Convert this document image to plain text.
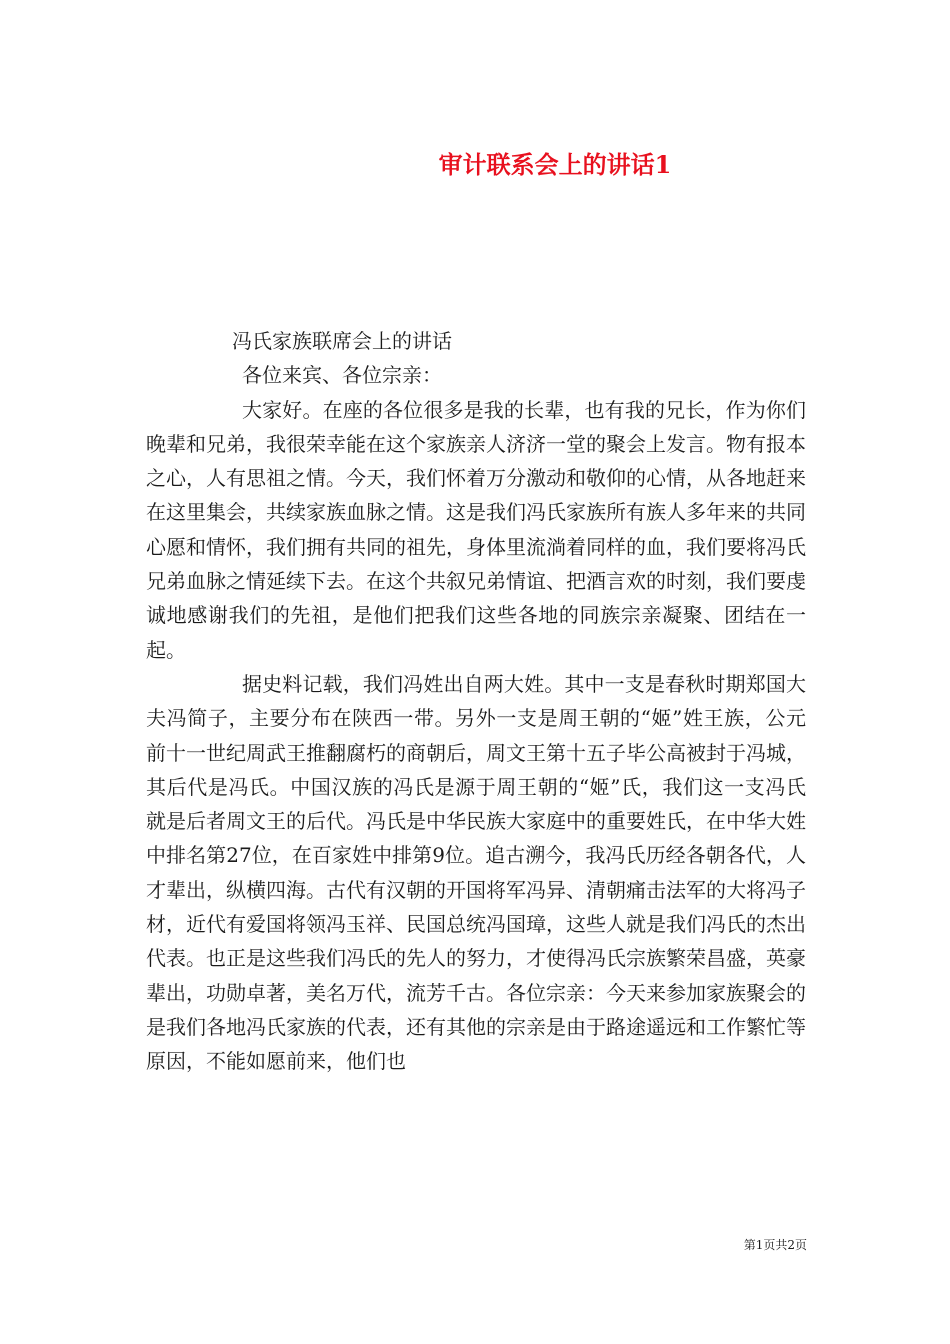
审计联系会上的讲话1

冯氏家族联席会上的讲话

各位来宾、各位宗亲：

大家好。在座的各位很多是我的长辈，也有我的兄长，作为你们晚辈和兄弟，我很荣幸能在这个家族亲人济济一堂的聚会上发言。物有报本之心，人有思祖之情。今天，我们怀着万分激动和敬仰的心情，从各地赶来在这里集会，共续家族血脉之情。这是我们冯氏家族所有族人多年来的共同心愿和情怀，我们拥有共同的祖先，身体里流淌着同样的血，我们要将冯氏兄弟血脉之情延续下去。在这个共叙兄弟情谊、把酒言欢的时刻，我们要虔诚地感谢我们的先祖，是他们把我们这些各地的同族宗亲凝聚、团结在一起。

据史料记载，我们冯姓出自两大姓。其中一支是春秋时期郑国大夫冯简子，主要分布在陕西一带。另外一支是周王朝的“姬”姓王族，公元前十一世纪周武王推翻腐朽的商朝后，周文王第十五子毕公高被封于冯城，其后代是冯氏。中国汉族的冯氏是源于周王朝的“姬”氏，我们这一支冯氏就是后者周文王的后代。冯氏是中华民族大家庭中的重要姓氏，在中华大姓中排名第27位，在百家姓中排第9位。追古溯今，我冯氏历经各朝各代，人才辈出，纵横四海。古代有汉朝的开国将军冯异、清朝痛击法军的大将冯子材，近代有爱国将领冯玉祥、民国总统冯国璋，这些人就是我们冯氏的杰出代表。也正是这些我们冯氏的先人的努力，才使得冯氏宗族繁荣昌盛，英豪辈出，功勋卓著，美名万代，流芳千古。各位宗亲：今天来参加家族聚会的是我们各地冯氏家族的代表，还有其他的宗亲是由于路途遥远和工作繁忙等原因，不能如愿前来，他们也

第1页共2页
